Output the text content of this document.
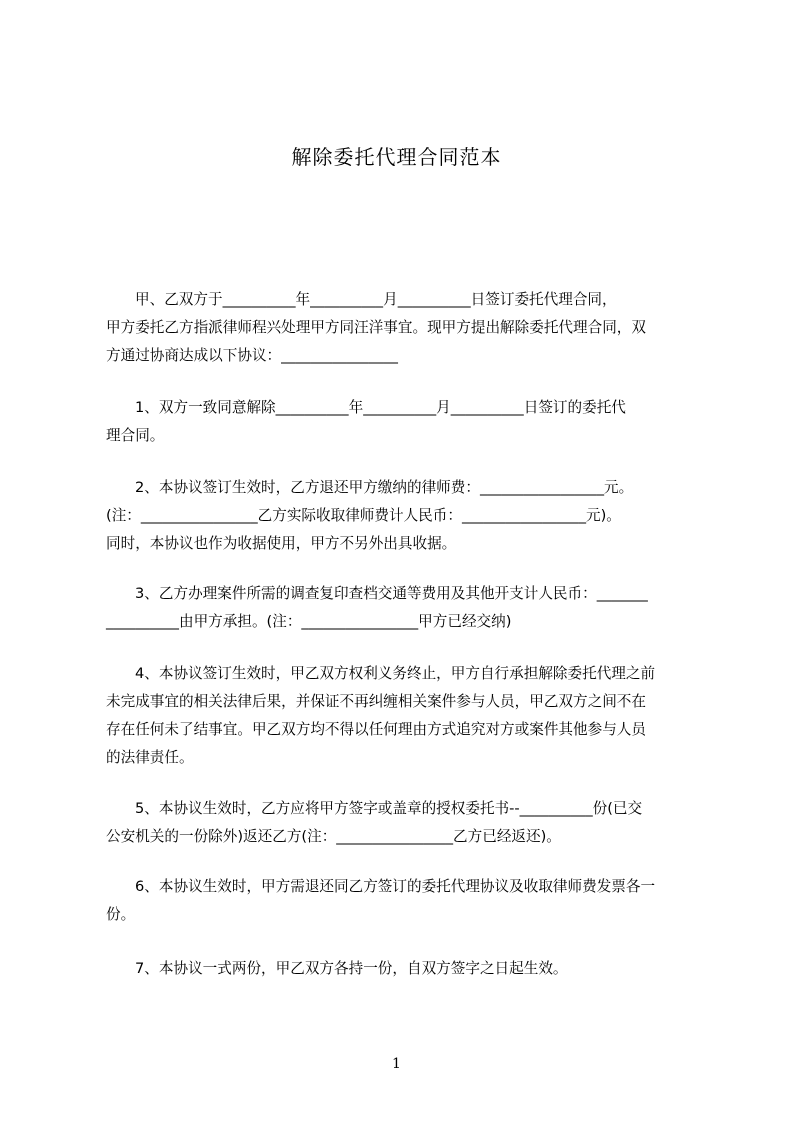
解除委托代理合同范本
甲、乙双方于__________年__________月__________日签订委托代理合同，
甲方委托乙方指派律师程兴处理甲方同汪洋事宜。现甲方提出解除委托代理合同，双
方通过协商达成以下协议：________________
1、双方一致同意解除__________年__________月__________日签订的委托代
理合同。
2、本协议签订生效时，乙方退还甲方缴纳的律师费：_________________元。
(注：________________乙方实际收取律师费计人民币：_________________元)。
同时，本协议也作为收据使用，甲方不另外出具收据。
3、乙方办理案件所需的调查复印查档交通等费用及其他开支计人民币：_______
__________由甲方承担。(注：________________甲方已经交纳)
4、本协议签订生效时，甲乙双方权利义务终止，甲方自行承担解除委托代理之前
未完成事宜的相关法律后果，并保证不再纠缠相关案件参与人员，甲乙双方之间不在
存在任何未了结事宜。甲乙双方均不得以任何理由方式追究对方或案件其他参与人员
的法律责任。
5、本协议生效时，乙方应将甲方签字或盖章的授权委托书--__________份(已交
公安机关的一份除外)返还乙方(注：________________乙方已经返还)。
6、本协议生效时，甲方需退还同乙方签订的委托代理协议及收取律师费发票各一
份。
7、本协议一式两份，甲乙双方各持一份，自双方签字之日起生效。
1
